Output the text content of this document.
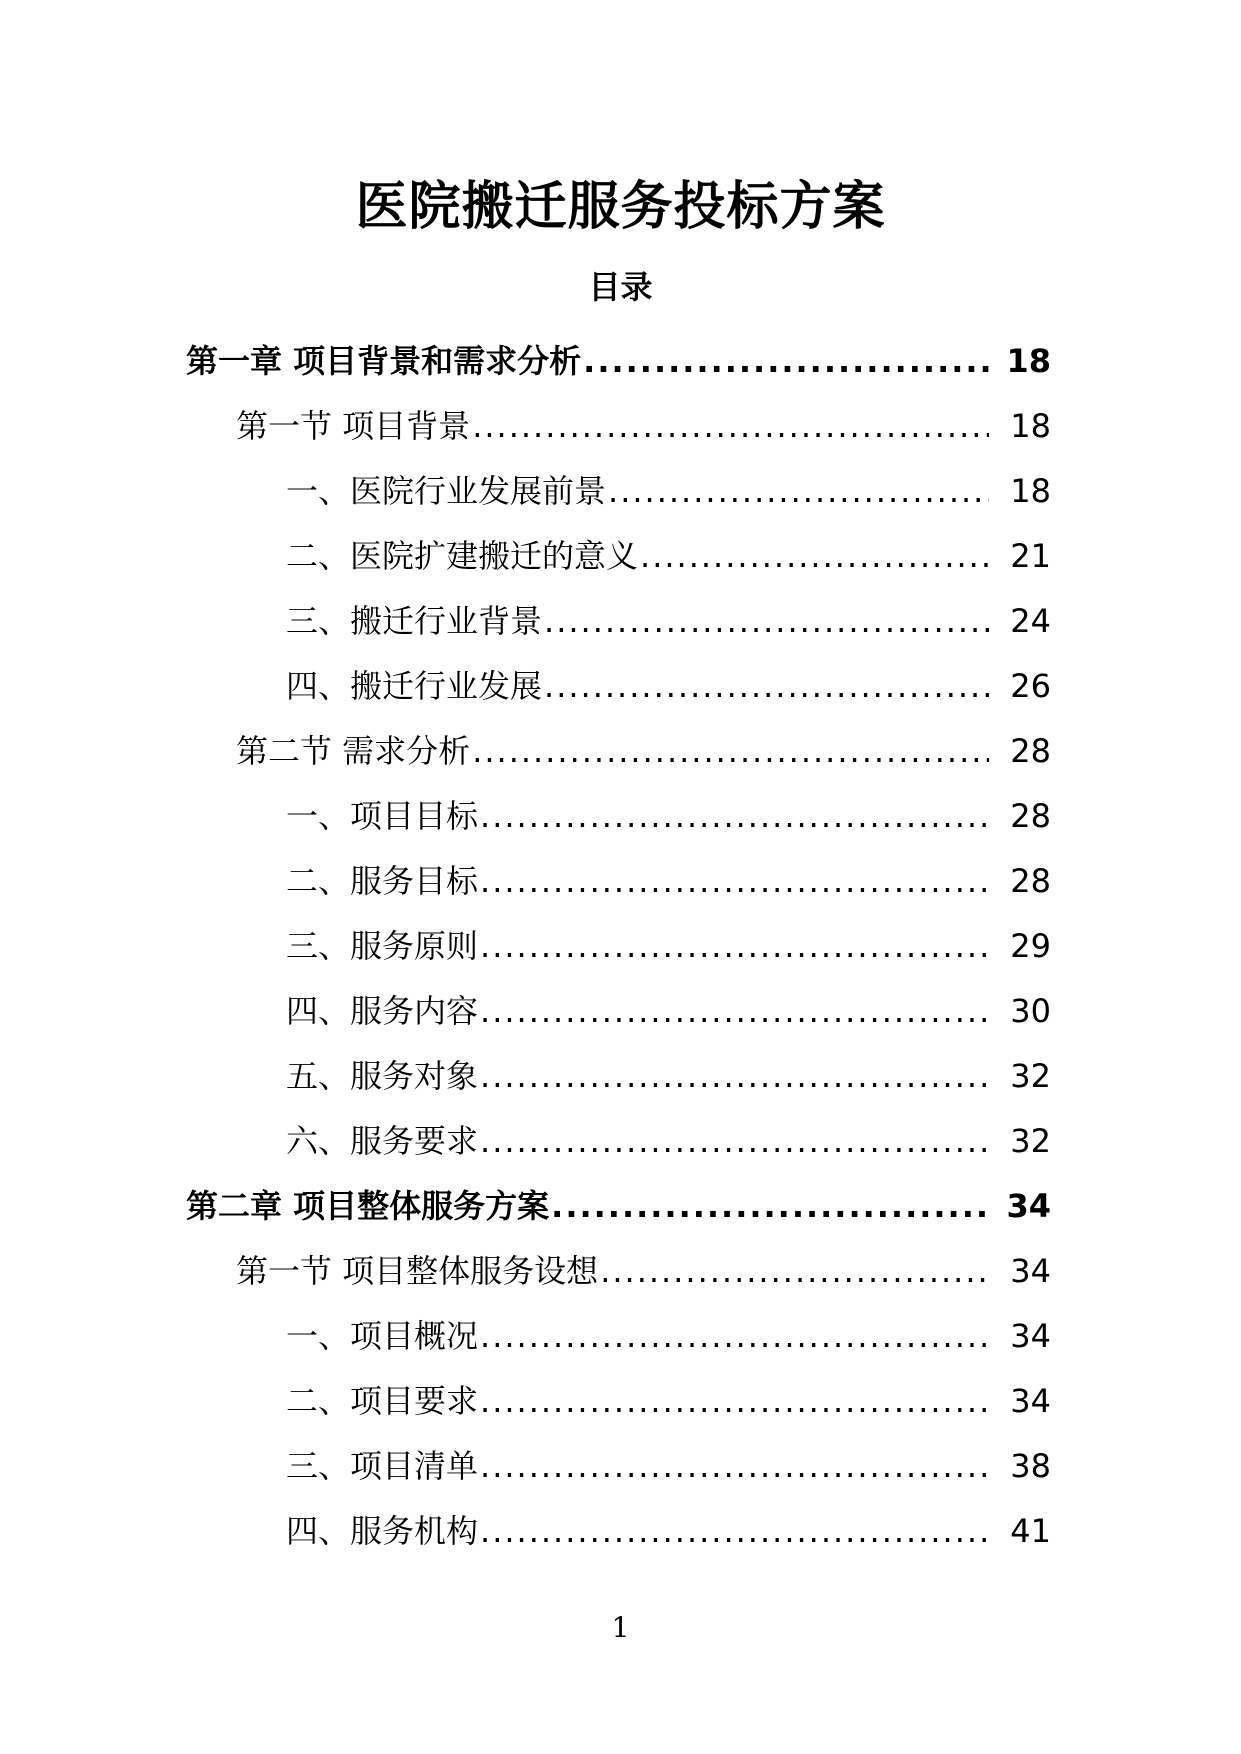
医院搬迁服务投标方案
目录
第一章 项目背景和需求分析 .....	18
第一节 项目背景 .....	18
一、医院行业发展前景 .....	18
二、医院扩建搬迁的意义 .....	21
三、搬迁行业背景 .....	24
四、搬迁行业发展 .....	26
第二节 需求分析 .....	28
一、项目目标 .....	28
二、服务目标 .....	28
三、服务原则 .....	29
四、服务内容 .....	30
五、服务对象 .....	32
六、服务要求 .....	32
第二章 项目整体服务方案 .....	34
第一节 项目整体服务设想 .....	34
一、项目概况 .....	34
二、项目要求 .....	34
三、项目清单 .....	38
四、服务机构 .....	41
1
